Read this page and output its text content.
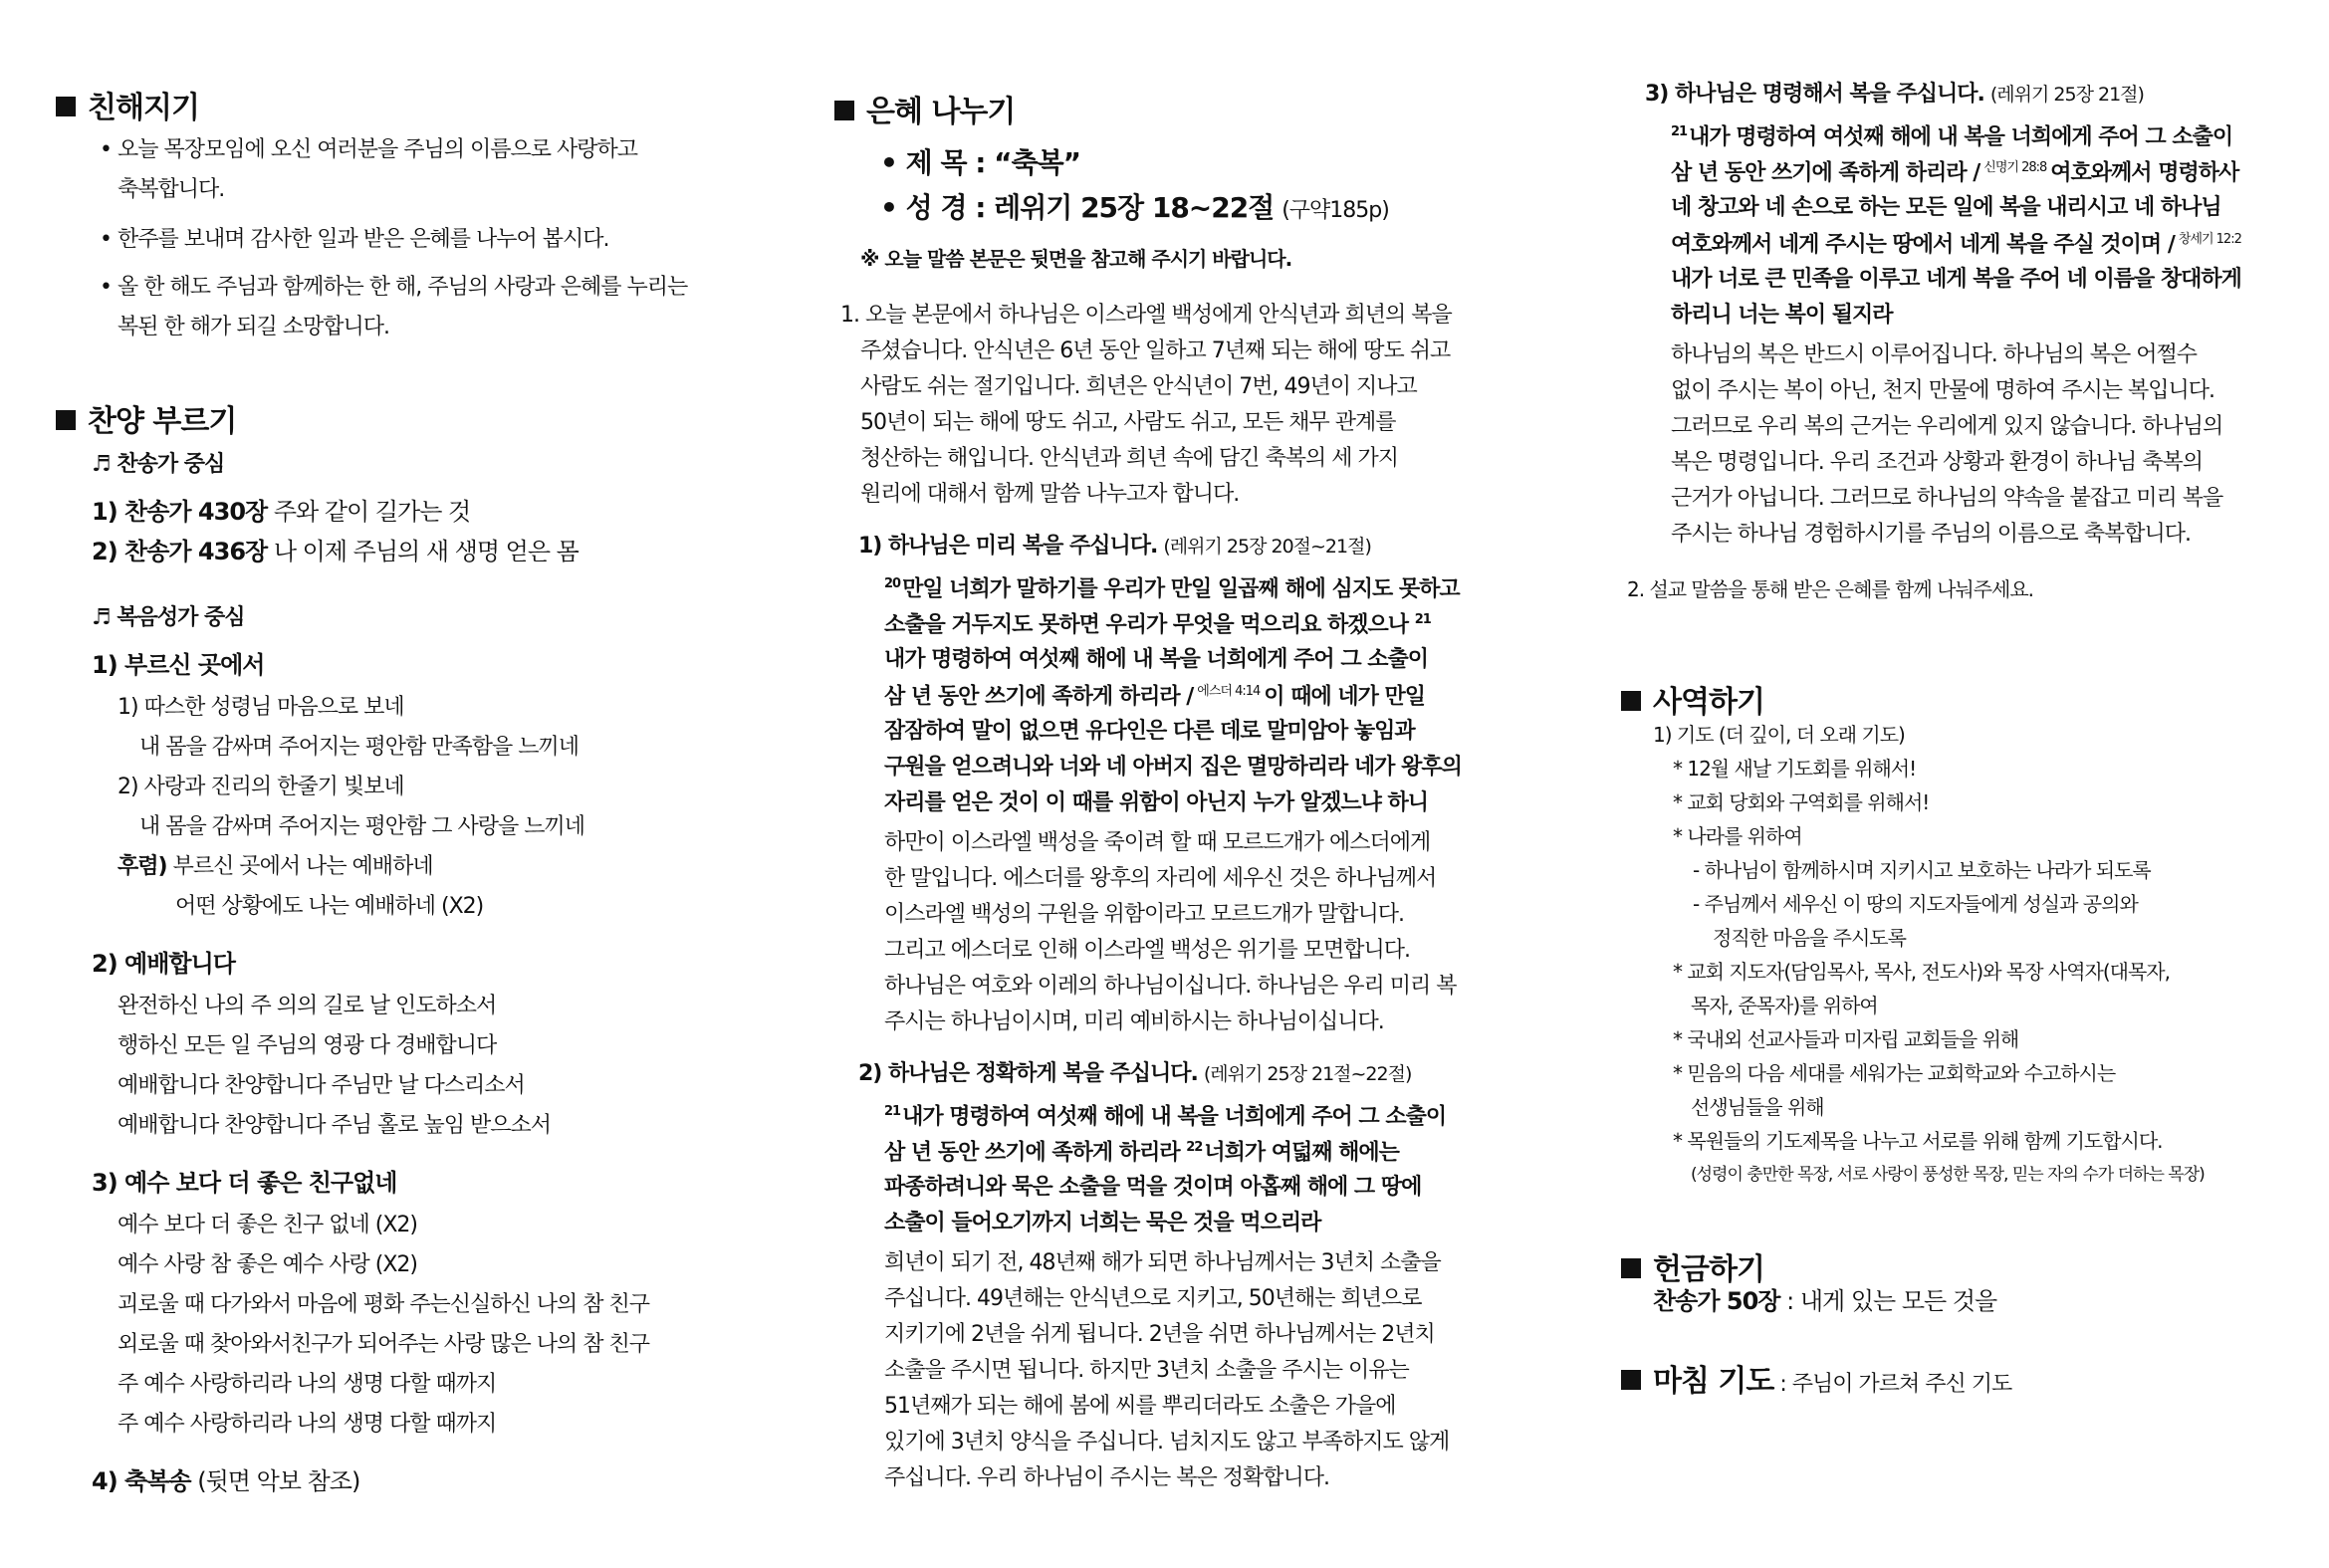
친해지기
• 오늘 목장모임에 오신 여러분을 주님의 이름으로 사랑하고
축복합니다.
• 한주를 보내며 감사한 일과 받은 은혜를 나누어 봅시다.
• 올 한 해도 주님과 함께하는 한 해, 주님의 사랑과 은혜를 누리는
복된 한 해가 되길 소망합니다.
찬양 부르기
♬ 찬송가 중심
1) 찬송가 430장 주와 같이 길가는 것
2) 찬송가 436장 나 이제 주님의 새 생명 얻은 몸
♬ 복음성가 중심
1) 부르신 곳에서
1) 따스한 성령님 마음으로 보네
내 몸을 감싸며 주어지는 평안함 만족함을 느끼네
2) 사랑과 진리의 한줄기 빛보네
내 몸을 감싸며 주어지는 평안함 그 사랑을 느끼네
후렴) 부르신 곳에서 나는 예배하네
어떤 상황에도 나는 예배하네 (X2)
2) 예배합니다
완전하신 나의 주 의의 길로 날 인도하소서
행하신 모든 일 주님의 영광 다 경배합니다
예배합니다 찬양합니다 주님만 날 다스리소서
예배합니다 찬양합니다 주님 홀로 높임 받으소서
3) 예수 보다 더 좋은 친구없네
예수 보다 더 좋은 친구 없네 (X2)
예수 사랑 참 좋은 예수 사랑 (X2)
괴로울 때 다가와서 마음에 평화 주는신실하신 나의 참 친구
외로울 때 찾아와서친구가 되어주는 사랑 많은 나의 참 친구
주 예수 사랑하리라 나의 생명 다할 때까지
주 예수 사랑하리라 나의 생명 다할 때까지
4) 축복송 (뒷면 악보 참조)
은혜 나누기
• 제 목 : “축복”
• 성 경 : 레위기 25장 18~22절 (구약185p)
※ 오늘 말씀 본문은 뒷면을 참고해 주시기 바랍니다.
1. 오늘 본문에서 하나님은 이스라엘 백성에게 안식년과 희년의 복을
주셨습니다. 안식년은 6년 동안 일하고 7년째 되는 해에 땅도 쉬고
사람도 쉬는 절기입니다. 희년은 안식년이 7번, 49년이 지나고
50년이 되는 해에 땅도 쉬고, 사람도 쉬고, 모든 채무 관계를
청산하는 해입니다. 안식년과 희년 속에 담긴 축복의 세 가지
원리에 대해서 함께 말씀 나누고자 합니다.
1) 하나님은 미리 복을 주십니다. (레위기 25장 20절~21절)
$^{20}$만일 너희가 말하기를 우리가 만일 일곱째 해에 심지도 못하고
소출을 거두지도 못하면 우리가 무엇을 먹으리요 하겠으나 $^{21}$
내가 명령하여 여섯째 해에 내 복을 너희에게 주어 그 소출이
삼 년 동안 쓰기에 족하게 하리라 / $^{에스더 4:14}$ 이 때에 네가 만일
잠잠하여 말이 없으면 유다인은 다른 데로 말미암아 놓임과
구원을 얻으려니와 너와 네 아버지 집은 멸망하리라 네가 왕후의
자리를 얻은 것이 이 때를 위함이 아닌지 누가 알겠느냐 하니
하만이 이스라엘 백성을 죽이려 할 때 모르드개가 에스더에게
한 말입니다. 에스더를 왕후의 자리에 세우신 것은 하나님께서
이스라엘 백성의 구원을 위함이라고 모르드개가 말합니다.
그리고 에스더로 인해 이스라엘 백성은 위기를 모면합니다.
하나님은 여호와 이레의 하나님이십니다. 하나님은 우리 미리 복
주시는 하나님이시며, 미리 예비하시는 하나님이십니다.
2) 하나님은 정확하게 복을 주십니다. (레위기 25장 21절~22절)
$^{21}$내가 명령하여 여섯째 해에 내 복을 너희에게 주어 그 소출이
삼 년 동안 쓰기에 족하게 하리라 $^{22}$너희가 여덟째 해에는
파종하려니와 묵은 소출을 먹을 것이며 아홉째 해에 그 땅에
소출이 들어오기까지 너희는 묵은 것을 먹으리라
희년이 되기 전, 48년째 해가 되면 하나님께서는 3년치 소출을
주십니다. 49년해는 안식년으로 지키고, 50년해는 희년으로
지키기에 2년을 쉬게 됩니다. 2년을 쉬면 하나님께서는 2년치
소출을 주시면 됩니다. 하지만 3년치 소출을 주시는 이유는
51년째가 되는 해에 봄에 씨를 뿌리더라도 소출은 가을에
있기에 3년치 양식을 주십니다. 넘치지도 않고 부족하지도 않게
주십니다. 우리 하나님이 주시는 복은 정확합니다.
3) 하나님은 명령해서 복을 주십니다. (레위기 25장 21절)
$^{21}$내가 명령하여 여섯째 해에 내 복을 너희에게 주어 그 소출이
삼 년 동안 쓰기에 족하게 하리라 / $^{신명기 28:8}$ 여호와께서 명령하사
네 창고와 네 손으로 하는 모든 일에 복을 내리시고 네 하나님
여호와께서 네게 주시는 땅에서 네게 복을 주실 것이며 / $^{창세기 12:2}$
내가 너로 큰 민족을 이루고 네게 복을 주어 네 이름을 창대하게
하리니 너는 복이 될지라
하나님의 복은 반드시 이루어집니다. 하나님의 복은 어쩔수
없이 주시는 복이 아닌, 천지 만물에 명하여 주시는 복입니다.
그러므로 우리 복의 근거는 우리에게 있지 않습니다. 하나님의
복은 명령입니다. 우리 조건과 상황과 환경이 하나님 축복의
근거가 아닙니다. 그러므로 하나님의 약속을 붙잡고 미리 복을
주시는 하나님 경험하시기를 주님의 이름으로 축복합니다.
2. 설교 말씀을 통해 받은 은혜를 함께 나눠주세요.
사역하기
1) 기도 (더 깊이, 더 오래 기도)
* 12월 새날 기도회를 위해서!
* 교회 당회와 구역회를 위해서!
* 나라를 위하여
- 하나님이 함께하시며 지키시고 보호하는 나라가 되도록
- 주님께서 세우신 이 땅의 지도자들에게 성실과 공의와
정직한 마음을 주시도록
* 교회 지도자(담임목사, 목사, 전도사)와 목장 사역자(대목자,
목자, 준목자)를 위하여
* 국내외 선교사들과 미자립 교회들을 위해
* 믿음의 다음 세대를 세워가는 교회학교와 수고하시는
선생님들을 위해
* 목원들의 기도제목을 나누고 서로를 위해 함께 기도합시다.
(성령이 충만한 목장, 서로 사랑이 풍성한 목장, 믿는 자의 수가 더하는 목장)
헌금하기
찬송가 50장 : 내게 있는 모든 것을
마침 기도 : 주님이 가르쳐 주신 기도
